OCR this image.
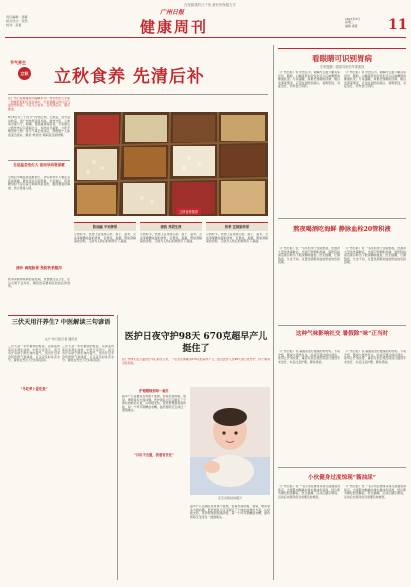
在保健康的日子里 最好的保健方法
责任编辑：谭嘉
版式设计：张然
校对：高蕾	健康周刊
广州日报
2023年8月
星期二
编辑 谭嘉	11
节气养生
立秋 立秋食养 先清后补
在广州日报健康周刊编辑部与广州中医药大学第一附属医院的专家访谈中，专家提醒立秋以后气温依然较高，不宜马上进补，宜先清后补、循序渐进。
8月8日为二十四节气中的立秋。立秋后，北方逐步转凉，而广州依然高温多雨，湿热交织，人体易出现口干、咽燥、食欲减退等症状。专家建议立秋饮食应以清润为主，多吃时令蔬果，少吃辛辣煎炸之物；待天气真正转凉后，再根据个人体质适当进补，避免“秋老虎”期间盲目贴秋膘。
立秋食养推荐
吾是温差变化大 夜间孕妈要保暖
立秋后早晚温差逐渐加大，孕妇和老年人要注意夜间保暖，避免受凉引起感冒。专家建议，夜间睡觉时不宜对着空调或风扇直吹，腹部要盖好薄被，防止寒湿入侵。
清补 调理肠胃 预防秋季腹泻
秋季是肠胃疾病的高发期，饮食要注意卫生，生冷瓜果不宜多吃，隔夜饭菜要彻底加热后再食用。
防油腻 平补脾胃	清热 养阴生津	秋季 宜润肺养胃
立秋时节，饮食上宜选用山药、莲子、薏米、芡实等健脾祛湿的食材，可煲汤、煮粥，既能清除暑热余邪，又能为入秋后的调养打下基础。
立秋时节，饮食上宜选用山药、莲子、薏米、芡实等健脾祛湿的食材，可煲汤、煮粥，既能清除暑热余邪，又能为入秋后的调养打下基础。
立秋时节，饮食上宜选用山药、莲子、薏米、芡实等健脾祛湿的食材，可煲汤、煮粥，既能清除暑热余邪，又能为入秋后的调养打下基础。
看眼睛可识别胃病
专家提醒：眼部异常信号要重视
《广州日报》讯 中医认为，眼睛与五脏六腑关系密切，眼睑、白睛等部位的变化可以反映脾胃的健康状况。专家提醒，如果出现眼睑浮肿、眼白发黄等情况，应及时到医院就诊，查明原因，对症治疗，切勿自行用药。
《广州日报》讯 中医认为，眼睛与五脏六腑关系密切，眼睑、白睛等部位的变化可以反映脾胃的健康状况。专家提醒，如果出现眼睑浮肿、眼白发黄等情况，应及时到医院就诊，查明原因，对症治疗，切勿自行用药。
熬夜喝酒吃海鲜 静脉血栓20管积液
《广州日报》讯 一名年轻男子连续熬夜、饮酒并大量进食海鲜后，出现下肢肿胀疼痛，到医院检查后被诊断为下肢深静脉血栓。医生提醒，长期熬夜、久坐不动、过量饮酒都是血栓形成的危险因素。
《广州日报》讯 一名年轻男子连续熬夜、饮酒并大量进食海鲜后，出现下肢肿胀疼痛，到医院检查后被诊断为下肢深静脉血栓。医生提醒，长期熬夜、久坐不动、过量饮酒都是血栓形成的危险因素。
这种气味影响社交 暑假除“味”正当时
《广州日报》讯 暑假是治疗腋臭的好时机。专家介绍，腋臭与遗传有关，轻症可通过保持清洁、使用止汗剂改善，重症可到正规医院进行微创手术治疗，术后注意护理，避免感染。
《广州日报》讯 暑假是治疗腋臭的好时机。专家介绍，腋臭与遗传有关，轻症可通过保持清洁、使用止汗剂改善，重症可到正规医院进行微创手术治疗，术后注意护理，避免感染。
小伙健身过度惊现“酱油尿”
《广州日报》讯 一名小伙在健身房进行高强度训练后，出现肌肉酸痛并排出酱油色尿液，经诊断为横纹肌溶解症。医生提醒，运动应循序渐进，运动后出现尿色异常要及时就医。
《广州日报》讯 一名小伙在健身房进行高强度训练后，出现肌肉酸痛并排出酱油色尿液，经诊断为横纹肌溶解症。医生提醒，运动应循序渐进，运动后出现尿色异常要及时就医。
三伏天用汗养生? 中医解读三句谚语
文/广州日报记者 通讯员
三伏天是一年中最热的时段，民间流传着许多养生谚语。中医专家表示，适当出汗有助于排出体内湿气，但出汗过多会耗伤阳气和津液，应注意及时补充水分，避免在烈日下长时间活动。
三伏天是一年中最热的时段，民间流传着许多养生谚语。中医专家表示，适当出汗有助于排出体内湿气，但出汗过多会耗伤阳气和津液，应注意及时补充水分，避免在烈日下长时间活动。
“冬吃萝卜夏吃姜”
医护日夜守护98天 670克超早产儿挺住了
在广州市妇女儿童医疗中心新生儿科，一名出生体重仅670克的超早产儿，经过医护人员98天的日夜守护，终于顺利出院回家。
宝宝出院时的照片
护理精细到每一毫升
超早产儿各器官发育极不成熟，容易出现呼吸、感染、喂养等多方面问题。医护团队为宝宝制定了个体化的救治方案，从呼吸支持、营养管理到感染防控，每一个环节都精益求精，最终帮助宝宝闯过一道道难关。
“只出不去重，我看有变化”
超早产儿各器官发育极不成熟，容易出现呼吸、感染、喂养等多方面问题。医护团队为宝宝制定了个体化的救治方案，从呼吸支持、营养管理到感染防控，每一个环节都精益求精，最终帮助宝宝闯过一道道难关。
